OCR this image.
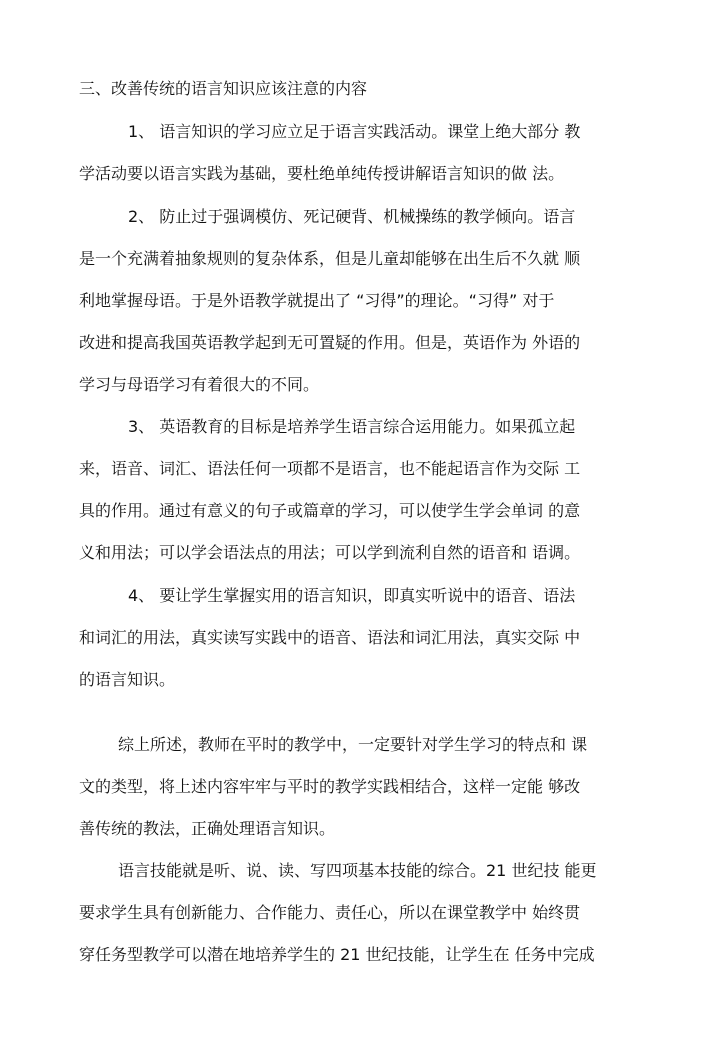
三、改善传统的语言知识应该注意的内容
1、 语言知识的学习应立足于语言实践活动。课堂上绝大部分 教
学活动要以语言实践为基础，要杜绝单纯传授讲解语言知识的做 法。
2、 防止过于强调模仿、死记硬背、机械操练的教学倾向。语言
是一个充满着抽象规则的复杂体系，但是儿童却能够在出生后不久就 顺
利地掌握母语。于是外语教学就提出了 “习得”的理论。“习得” 对于
改进和提高我国英语教学起到无可置疑的作用。但是，英语作为 外语的
学习与母语学习有着很大的不同。
3、 英语教育的目标是培养学生语言综合运用能力。如果孤立起
来，语音、词汇、语法任何一项都不是语言，也不能起语言作为交际 工
具的作用。通过有意义的句子或篇章的学习，可以使学生学会单词 的意
义和用法；可以学会语法点的用法；可以学到流利自然的语音和 语调。
4、 要让学生掌握实用的语言知识，即真实听说中的语音、语法
和词汇的用法，真实读写实践中的语音、语法和词汇用法，真实交际 中
的语言知识。
综上所述，教师在平时的教学中，一定要针对学生学习的特点和 课
文的类型，将上述内容牢牢与平时的教学实践相结合，这样一定能 够改
善传统的教法，正确处理语言知识。
语言技能就是听、说、读、写四项基本技能的综合。21 世纪技 能更
要求学生具有创新能力、合作能力、责任心，所以在课堂教学中 始终贯
穿任务型教学可以潜在地培养学生的 21 世纪技能，让学生在 任务中完成
